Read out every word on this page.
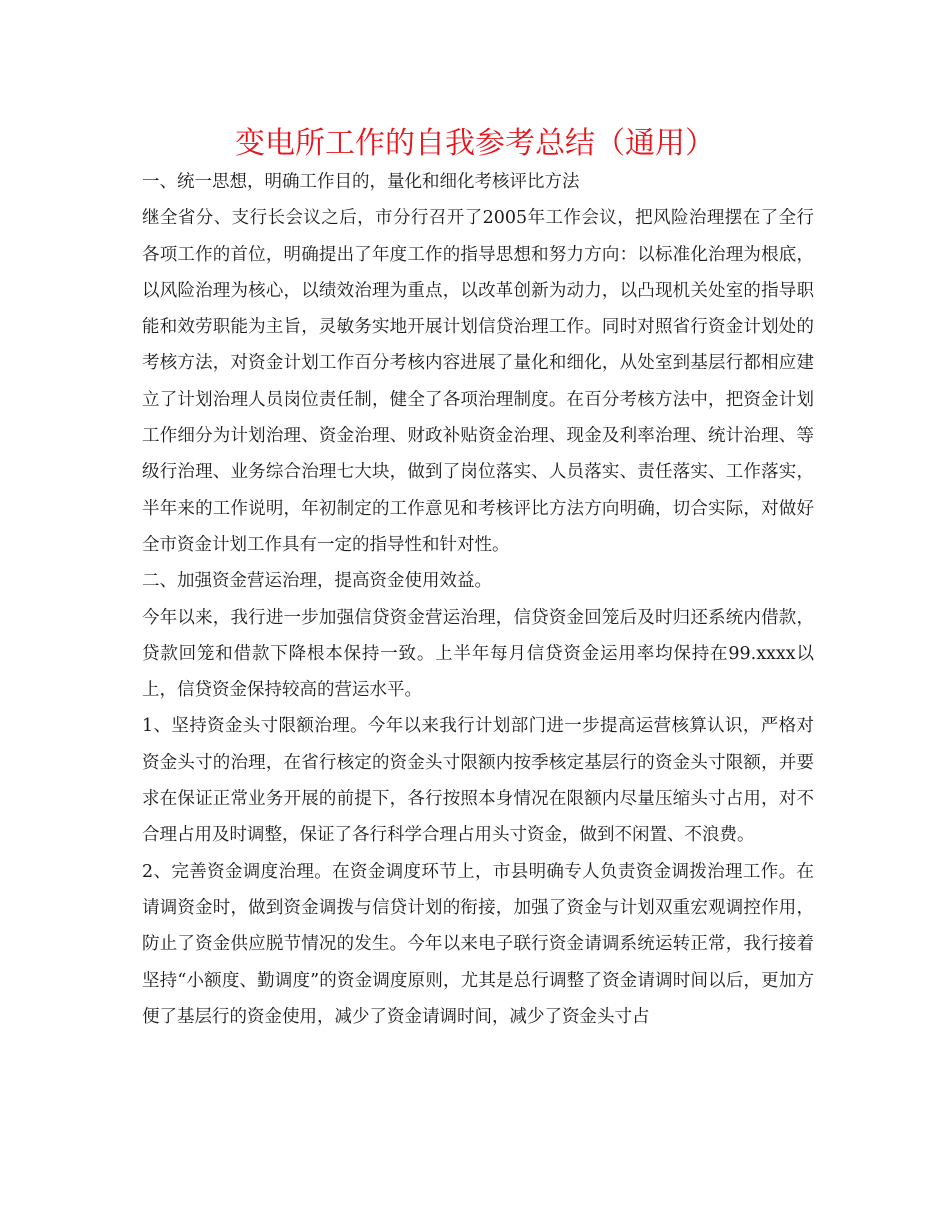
变电所工作的自我参考总结（通用）

一、统一思想，明确工作目的，量化和细化考核评比方法

继全省分、支行长会议之后，市分行召开了2005年工作会议，把风险治理摆在了全行各项工作的首位，明确提出了年度工作的指导思想和努力方向：以标准化治理为根底，以风险治理为核心，以绩效治理为重点，以改革创新为动力，以凸现机关处室的指导职能和效劳职能为主旨，灵敏务实地开展计划信贷治理工作。同时对照省行资金计划处的考核方法，对资金计划工作百分考核内容进展了量化和细化，从处室到基层行都相应建立了计划治理人员岗位责任制，健全了各项治理制度。在百分考核方法中，把资金计划工作细分为计划治理、资金治理、财政补贴资金治理、现金及利率治理、统计治理、等级行治理、业务综合治理七大块，做到了岗位落实、人员落实、责任落实、工作落实，半年来的工作说明，年初制定的工作意见和考核评比方法方向明确，切合实际，对做好全市资金计划工作具有一定的指导性和针对性。

二、加强资金营运治理，提高资金使用效益。

今年以来，我行进一步加强信贷资金营运治理，信贷资金回笼后及时归还系统内借款，贷款回笼和借款下降根本保持一致。上半年每月信贷资金运用率均保持在99.xxxx以上，信贷资金保持较高的营运水平。

1、坚持资金头寸限额治理。今年以来我行计划部门进一步提高运营核算认识，严格对资金头寸的治理，在省行核定的资金头寸限额内按季核定基层行的资金头寸限额，并要求在保证正常业务开展的前提下，各行按照本身情况在限额内尽量压缩头寸占用，对不合理占用及时调整，保证了各行科学合理占用头寸资金，做到不闲置、不浪费。

2、完善资金调度治理。在资金调度环节上，市县明确专人负责资金调拨治理工作。在请调资金时，做到资金调拨与信贷计划的衔接，加强了资金与计划双重宏观调控作用，防止了资金供应脱节情况的发生。今年以来电子联行资金请调系统运转正常，我行接着坚持“小额度、勤调度”的资金调度原则，尤其是总行调整了资金请调时间以后，更加方便了基层行的资金使用，减少了资金请调时间，减少了资金头寸占
